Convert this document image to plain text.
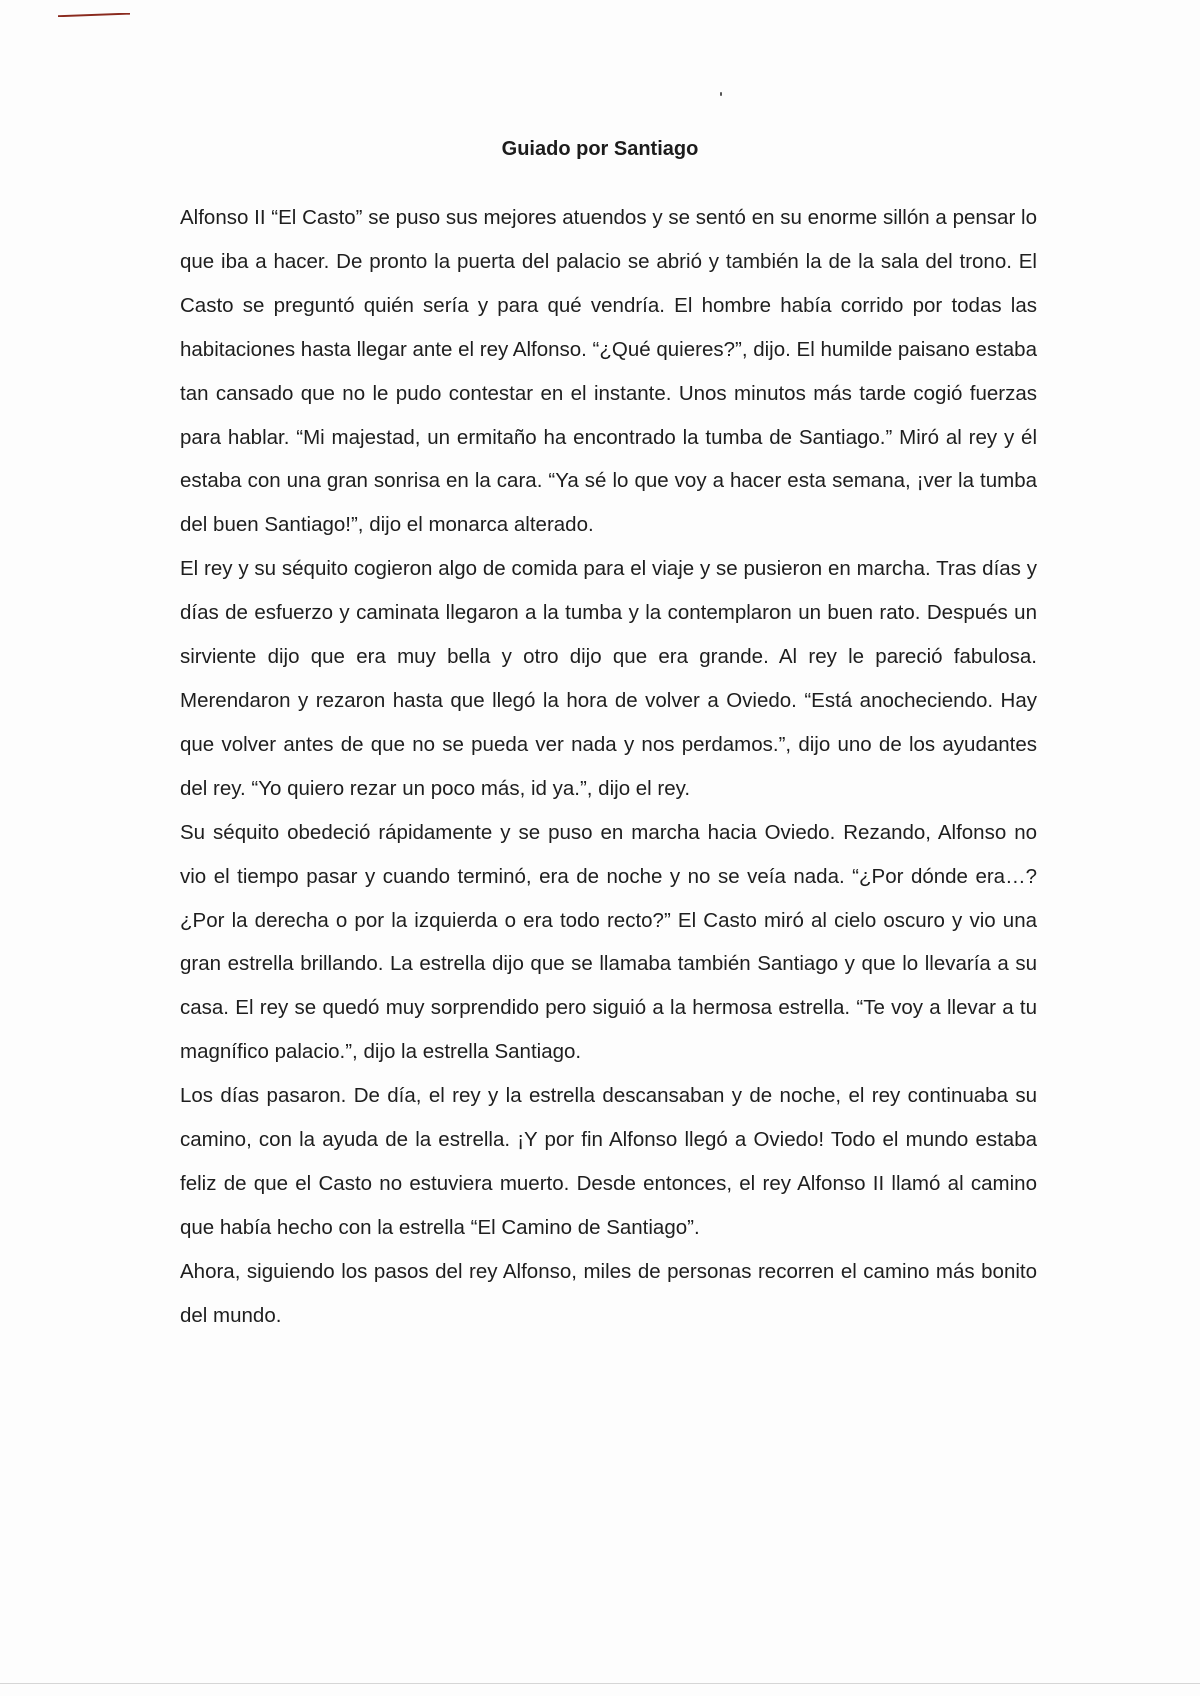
Guiado por Santiago

Alfonso II “El Casto” se puso sus mejores atuendos y se sentó en su enorme sillón a pensar lo que iba a hacer. De pronto la puerta del palacio se abrió y también la de la sala del trono. El Casto se preguntó quién sería y para qué vendría. El hombre había corrido por todas las habitaciones hasta llegar ante el rey Alfonso. “¿Qué quieres?”, dijo. El humilde paisano estaba tan cansado que no le pudo contestar en el instante. Unos minutos más tarde cogió fuerzas para hablar. “Mi majestad, un ermitaño ha encontrado la tumba de Santiago.” Miró al rey y él estaba con una gran sonrisa en la cara. “Ya sé lo que voy a hacer esta semana, ¡ver la tumba del buen Santiago!”, dijo el monarca alterado.

El rey y su séquito cogieron algo de comida para el viaje y se pusieron en marcha. Tras días y días de esfuerzo y caminata llegaron a la tumba y la contemplaron un buen rato. Después un sirviente dijo que era muy bella y otro dijo que era grande. Al rey le pareció fabulosa. Merendaron y rezaron hasta que llegó la hora de volver a Oviedo. “Está anocheciendo. Hay que volver antes de que no se pueda ver nada y nos perdamos.”, dijo uno de los ayudantes del rey. “Yo quiero rezar un poco más, id ya.”, dijo el rey.

Su séquito obedeció rápidamente y se puso en marcha hacia Oviedo. Rezando, Alfonso no vio el tiempo pasar y cuando terminó, era de noche y no se veía nada. “¿Por dónde era…? ¿Por la derecha o por la izquierda o era todo recto?” El Casto miró al cielo oscuro y vio una gran estrella brillando. La estrella dijo que se llamaba también Santiago y que lo llevaría a su casa. El rey se quedó muy sorprendido pero siguió a la hermosa estrella. “Te voy a llevar a tu magnífico palacio.”, dijo la estrella Santiago.

Los días pasaron. De día, el rey y la estrella descansaban y de noche, el rey continuaba su camino, con la ayuda de la estrella. ¡Y por fin Alfonso llegó a Oviedo! Todo el mundo estaba feliz de que el Casto no estuviera muerto. Desde entonces, el rey Alfonso II llamó al camino que había hecho con la estrella “El Camino de Santiago”.

Ahora, siguiendo los pasos del rey Alfonso, miles de personas recorren el camino más bonito del mundo.
